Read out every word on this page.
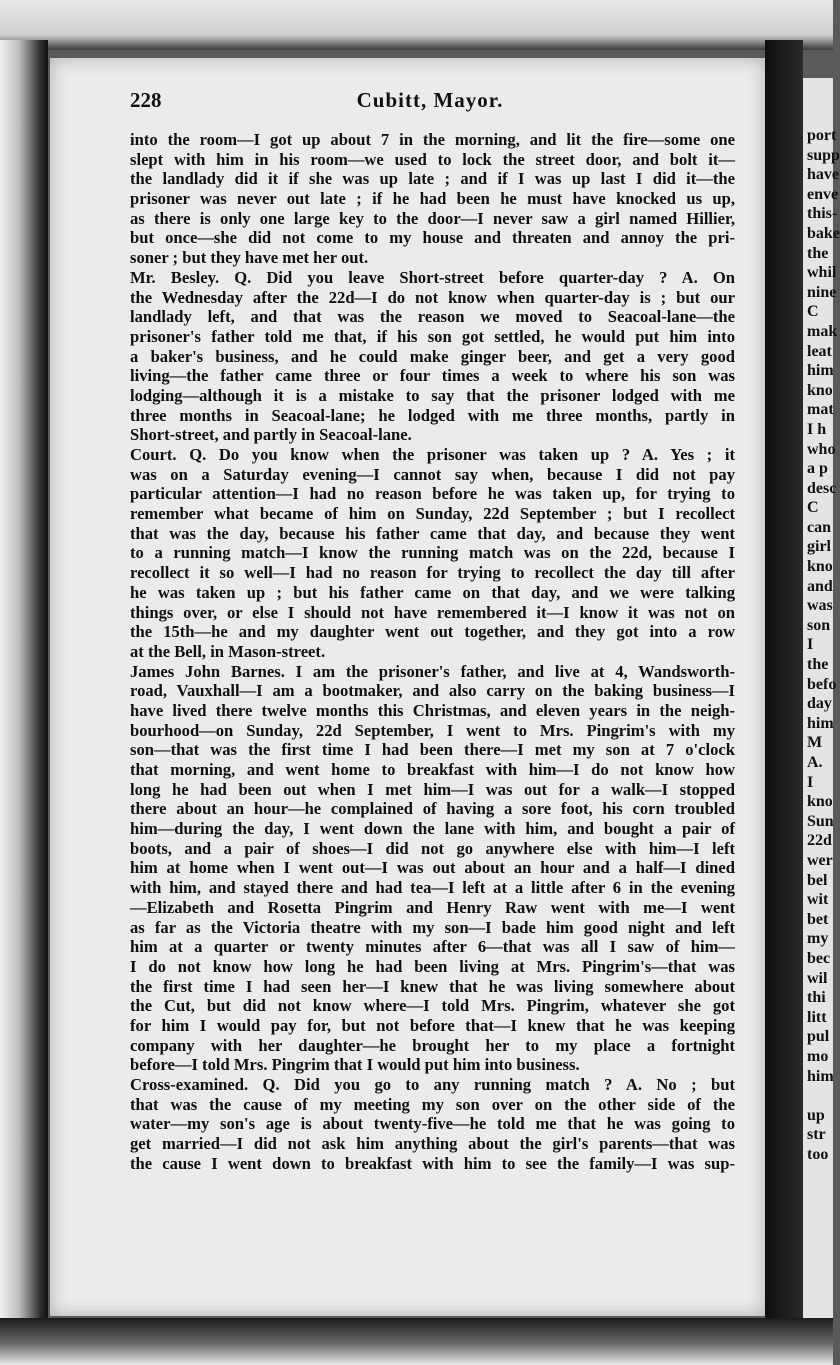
228	Cubitt, Mayor.
into the room—I got up about 7 in the morning, and lit the fire—some one
slept with him in his room—we used to lock the street door, and bolt it—
the landlady did it if she was up late ; and if I was up last I did it—the
prisoner was never out late ; if he had been he must have knocked us up,
as there is only one large key to the door—I never saw a girl named Hillier,
but once—she did not come to my house and threaten and annoy the pri-
soner ; but they have met her out.
Mr. Besley. Q. Did you leave Short-street before quarter-day ? A. On
the Wednesday after the 22d—I do not know when quarter-day is ; but our
landlady left, and that was the reason we moved to Seacoal-lane—the
prisoner's father told me that, if his son got settled, he would put him into
a baker's business, and he could make ginger beer, and get a very good
living—the father came three or four times a week to where his son was
lodging—although it is a mistake to say that the prisoner lodged with me
three months in Seacoal-lane; he lodged with me three months, partly in
Short-street, and partly in Seacoal-lane.
Court. Q. Do you know when the prisoner was taken up ? A. Yes ; it
was on a Saturday evening—I cannot say when, because I did not pay
particular attention—I had no reason before he was taken up, for trying to
remember what became of him on Sunday, 22d September ; but I recollect
that was the day, because his father came that day, and because they went
to a running match—I know the running match was on the 22d, because I
recollect it so well—I had no reason for trying to recollect the day till after
he was taken up ; but his father came on that day, and we were talking
things over, or else I should not have remembered it—I know it was not on
the 15th—he and my daughter went out together, and they got into a row
at the Bell, in Mason-street.
James John Barnes. I am the prisoner's father, and live at 4, Wandsworth-
road, Vauxhall—I am a bootmaker, and also carry on the baking business—I
have lived there twelve months this Christmas, and eleven years in the neigh-
bourhood—on Sunday, 22d September, I went to Mrs. Pingrim's with my
son—that was the first time I had been there—I met my son at 7 o'clock
that morning, and went home to breakfast with him—I do not know how
long he had been out when I met him—I was out for a walk—I stopped
there about an hour—he complained of having a sore foot, his corn troubled
him—during the day, I went down the lane with him, and bought a pair of
boots, and a pair of shoes—I did not go anywhere else with him—I left
him at home when I went out—I was out about an hour and a half—I dined
with him, and stayed there and had tea—I left at a little after 6 in the evening
—Elizabeth and Rosetta Pingrim and Henry Raw went with me—I went
as far as the Victoria theatre with my son—I bade him good night and left
him at a quarter or twenty minutes after 6—that was all I saw of him—
I do not know how long he had been living at Mrs. Pingrim's—that was
the first time I had seen her—I knew that he was living somewhere about
the Cut, but did not know where—I told Mrs. Pingrim, whatever she got
for him I would pay for, but not before that—I knew that he was keeping
company with her daughter—he brought her to my place a fortnight
before—I told Mrs. Pingrim that I would put him into business.
Cross-examined. Q. Did you go to any running match ? A. No ; but
that was the cause of my meeting my son over on the other side of the
water—my son's age is about twenty-five—he told me that he was going to
get married—I did not ask him anything about the girl's parents—that was
the cause I went down to breakfast with him to see the family—I was sup-
port
supp
have
enve
this-
bake
the
whil
nine
C
mak
leat
him
kno
mat
I h
who
a p
desc
C
can
girl
kno
and
was
son
I
the
befo
day
him
M
A.
I
kno
Sun
22d
wer
bel
wit
bet
my
bec
wil
thi
litt
pul
mo
him
up
str
too
